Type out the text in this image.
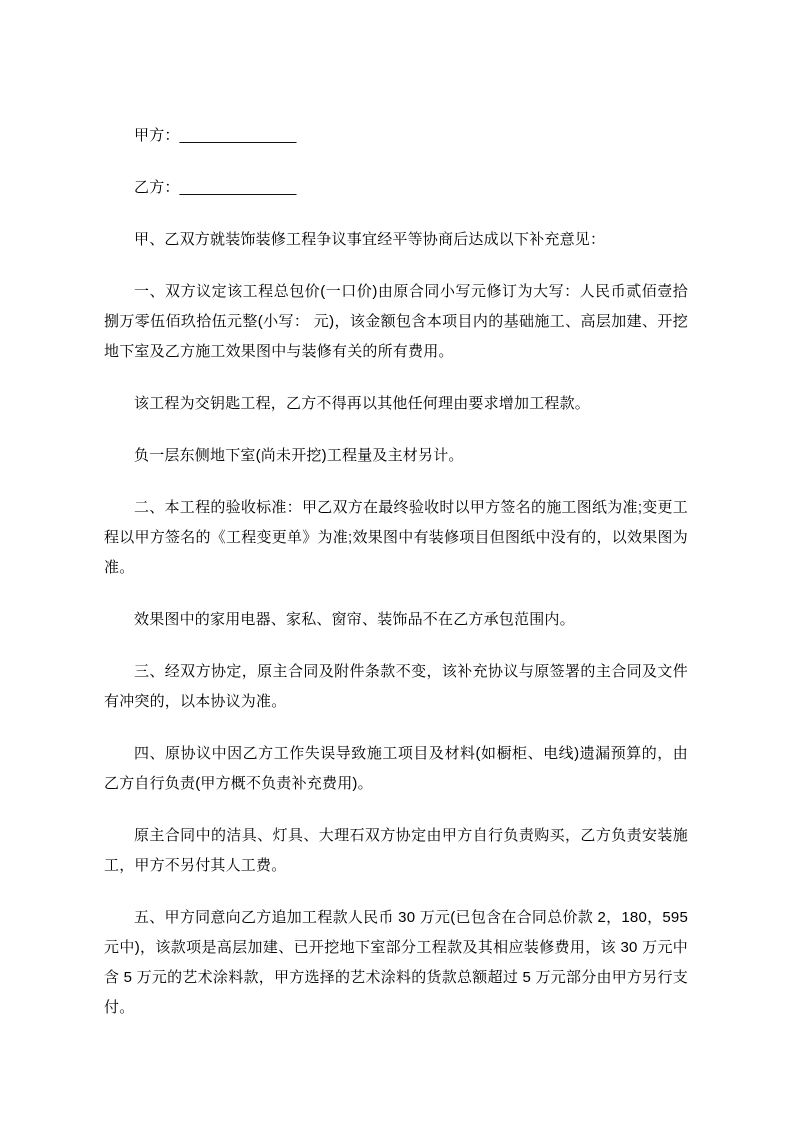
甲方：______________

乙方：______________

甲、乙双方就装饰装修工程争议事宜经平等协商后达成以下补充意见：

一、双方议定该工程总包价(一口价)由原合同小写元修订为大写：人民币贰佰壹拾捌万零伍佰玖拾伍元整(小写： 元)，该金额包含本项目内的基础施工、高层加建、开挖地下室及乙方施工效果图中与装修有关的所有费用。

该工程为交钥匙工程，乙方不得再以其他任何理由要求增加工程款。

负一层东侧地下室(尚未开挖)工程量及主材另计。

二、本工程的验收标准：甲乙双方在最终验收时以甲方签名的施工图纸为准;变更工程以甲方签名的《工程变更单》为准;效果图中有装修项目但图纸中没有的，以效果图为准。

效果图中的家用电器、家私、窗帘、装饰品不在乙方承包范围内。

三、经双方协定，原主合同及附件条款不变，该补充协议与原签署的主合同及文件有冲突的，以本协议为准。

四、原协议中因乙方工作失误导致施工项目及材料(如橱柜、电线)遗漏预算的，由乙方自行负责(甲方概不负责补充费用)。

原主合同中的洁具、灯具、大理石双方协定由甲方自行负责购买，乙方负责安装施工，甲方不另付其人工费。

五、甲方同意向乙方追加工程款人民币 30 万元(已包含在合同总价款 2，180，595 元中)，该款项是高层加建、已开挖地下室部分工程款及其相应装修费用，该 30 万元中含 5 万元的艺术涂料款，甲方选择的艺术涂料的货款总额超过 5 万元部分由甲方另行支付。
